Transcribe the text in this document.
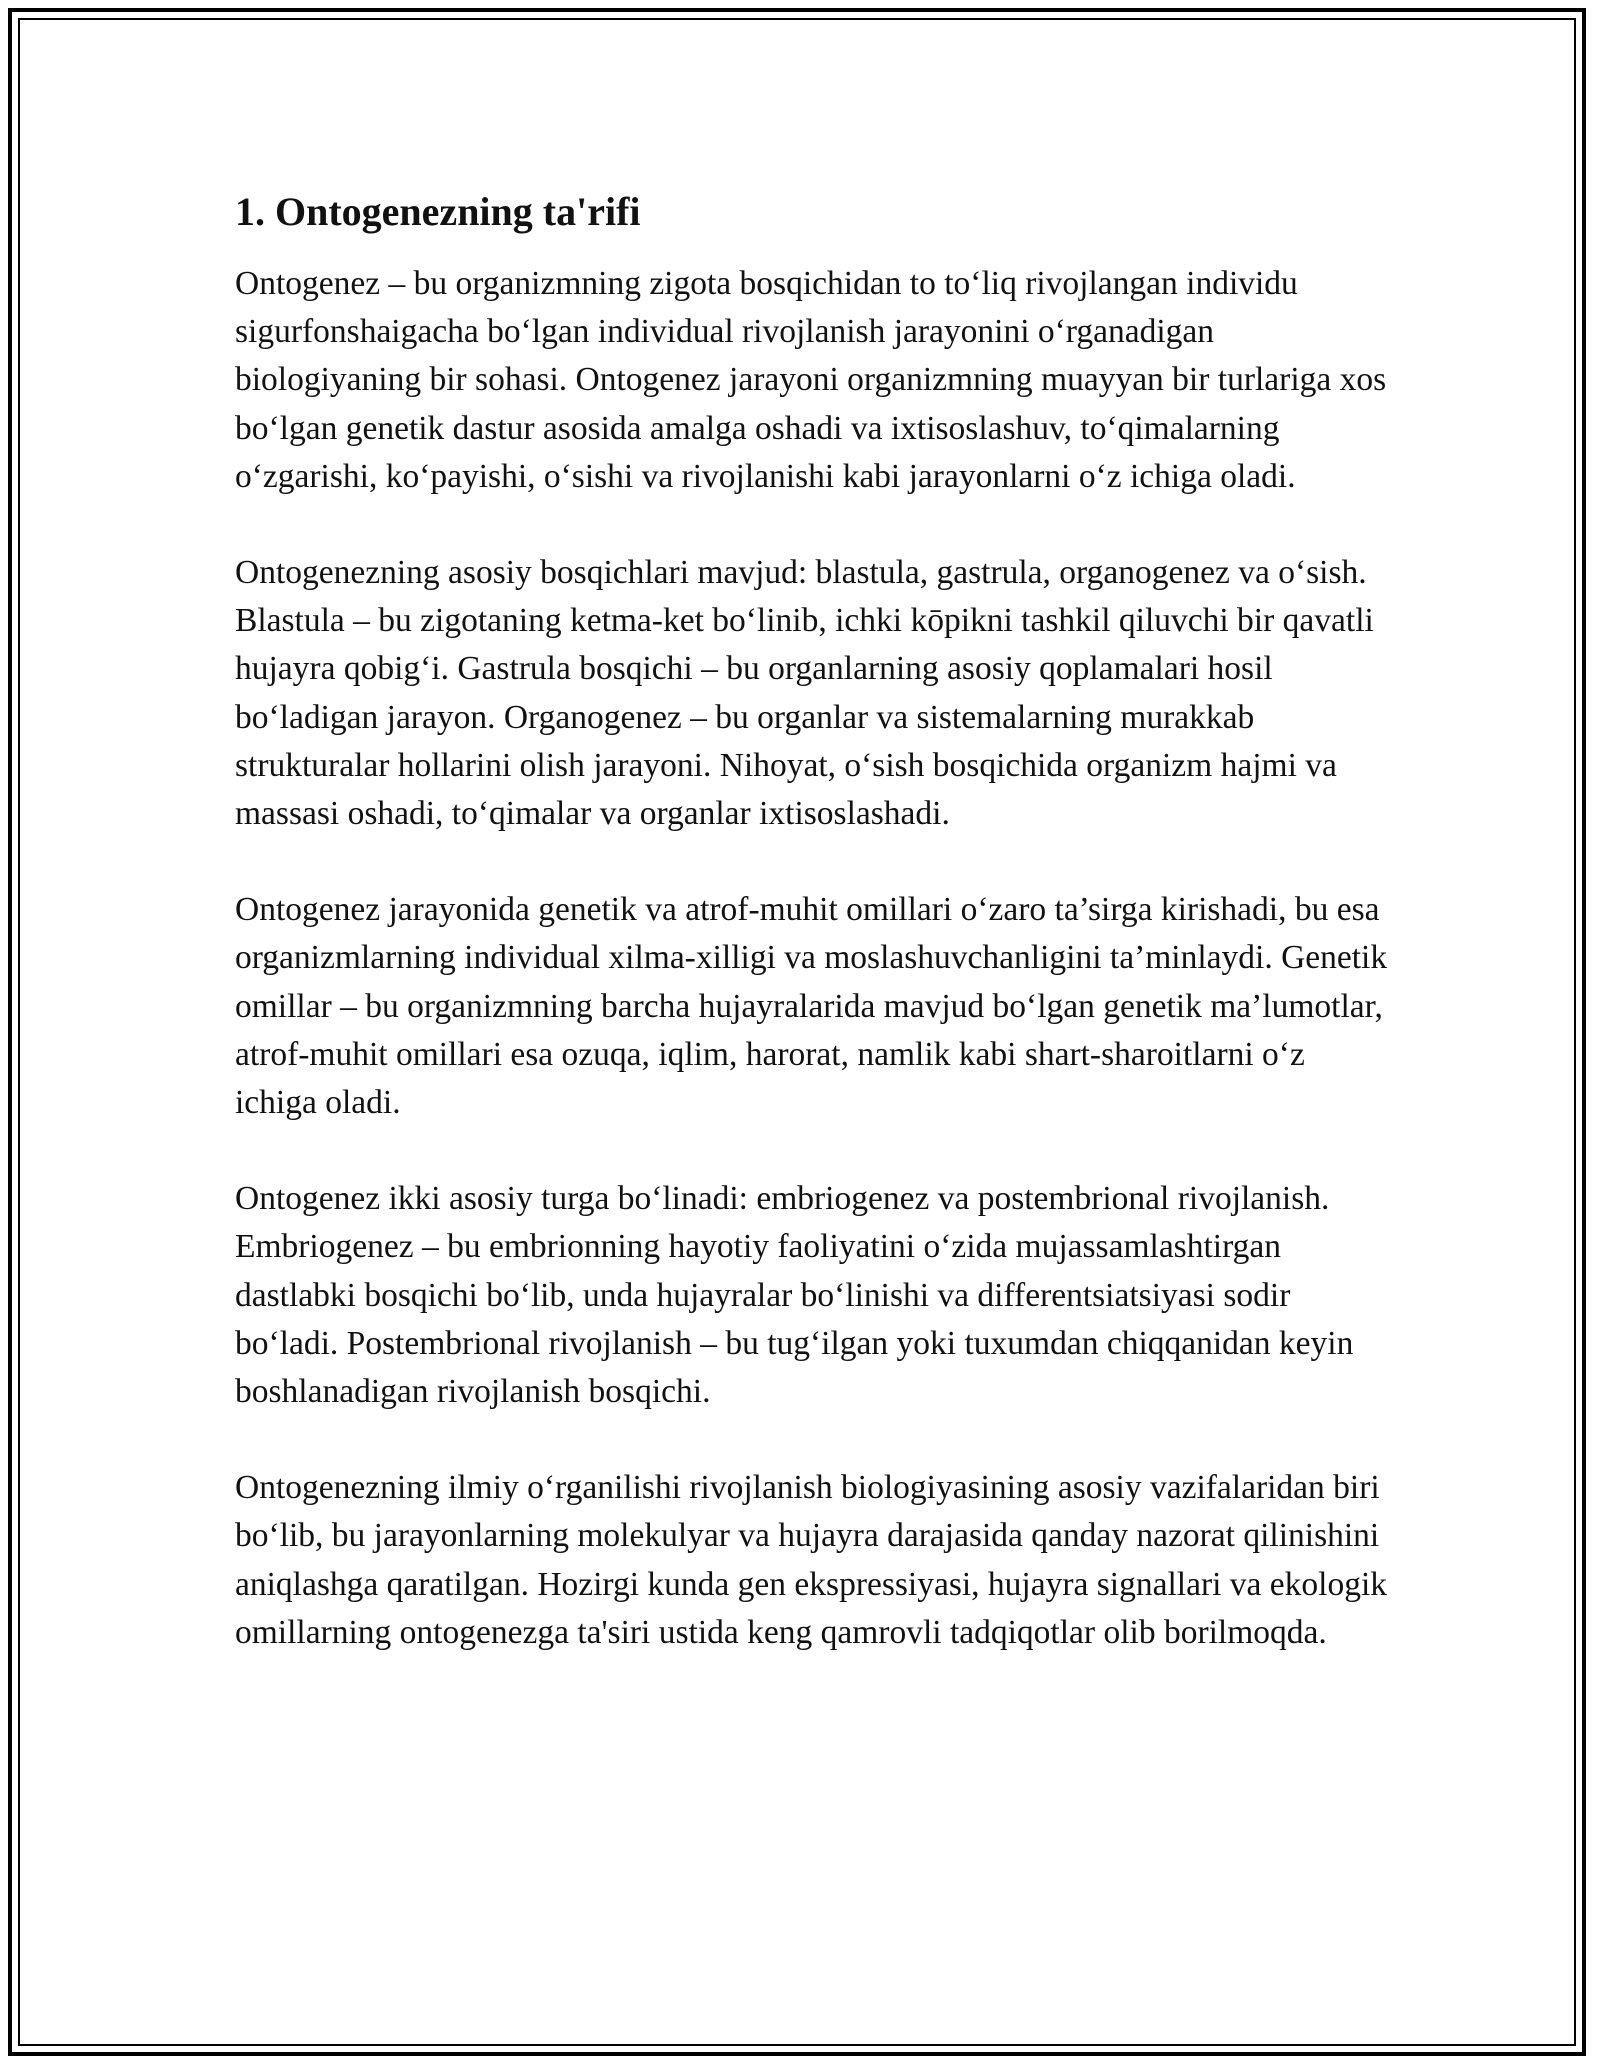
1. Ontogenezning ta'rifi

Ontogenez – bu organizmning zigota bosqichidan to to‘liq rivojlangan individu sigurfonshaigacha bo‘lgan individual rivojlanish jarayonini o‘rganadigan biologiyaning bir sohasi. Ontogenez jarayoni organizmning muayyan bir turlariga xos bo‘lgan genetik dastur asosida amalga oshadi va ixtisoslashuv, to‘qimalarning o‘zgarishi, ko‘payishi, o‘sishi va rivojlanishi kabi jarayonlarni o‘z ichiga oladi.

Ontogenezning asosiy bosqichlari mavjud: blastula, gastrula, organogenez va o‘sish. Blastula – bu zigotaning ketma-ket bo‘linib, ichki kōpikni tashkil qiluvchi bir qavatli hujayra qobig‘i. Gastrula bosqichi – bu organlarning asosiy qoplamalari hosil bo‘ladigan jarayon. Organogenez – bu organlar va sistemalarning murakkab strukturalar hollarini olish jarayoni. Nihoyat, o‘sish bosqichida organizm hajmi va massasi oshadi, to‘qimalar va organlar ixtisoslashadi.

Ontogenez jarayonida genetik va atrof-muhit omillari o‘zaro ta’sirga kirishadi, bu esa organizmlarning individual xilma-xilligi va moslashuvchanligini ta’minlaydi. Genetik omillar – bu organizmning barcha hujayralarida mavjud bo‘lgan genetik ma’lumotlar, atrof-muhit omillari esa ozuqa, iqlim, harorat, namlik kabi shart-sharoitlarni o‘z ichiga oladi.

Ontogenez ikki asosiy turga bo‘linadi: embriogenez va postembrional rivojlanish. Embriogenez – bu embrionning hayotiy faoliyatini o‘zida mujassamlashtirgan dastlabki bosqichi bo‘lib, unda hujayralar bo‘linishi va differentsiatsiyasi sodir bo‘ladi. Postembrional rivojlanish – bu tug‘ilgan yoki tuxumdan chiqqanidan keyin boshlanadigan rivojlanish bosqichi.

Ontogenezning ilmiy o‘rganilishi rivojlanish biologiyasining asosiy vazifalaridan biri bo‘lib, bu jarayonlarning molekulyar va hujayra darajasida qanday nazorat qilinishini aniqlashga qaratilgan. Hozirgi kunda gen ekspressiyasi, hujayra signallari va ekologik omillarning ontogenezga ta'siri ustida keng qamrovli tadqiqotlar olib borilmoqda.
